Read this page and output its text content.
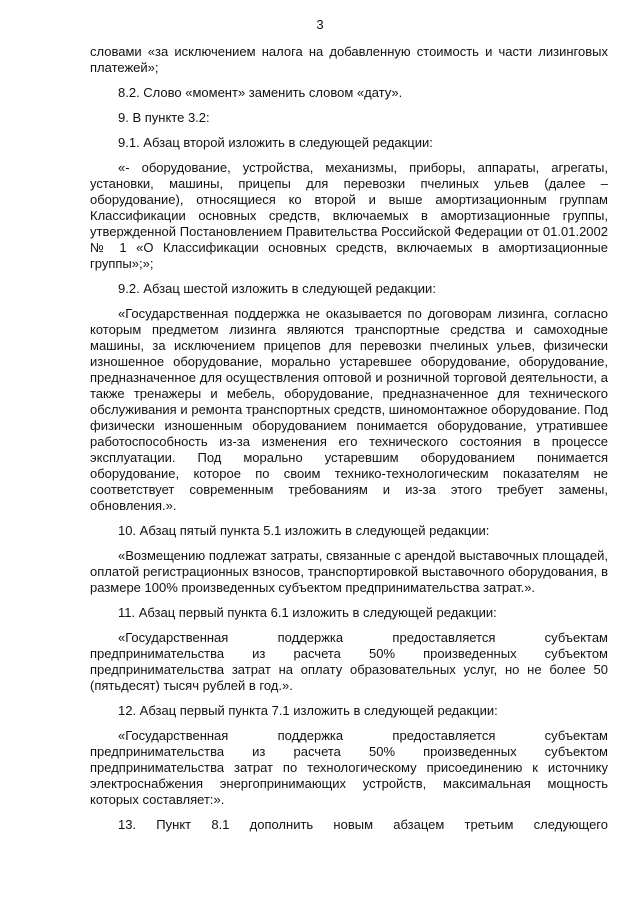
3

словами «за исключением налога на добавленную стоимость и части лизинговых платежей»;

8.2. Слово «момент» заменить словом «дату».

9. В пункте 3.2:

9.1. Абзац второй изложить в следующей редакции:

«- оборудование, устройства, механизмы, приборы, аппараты, агрегаты, установки, машины, прицепы для перевозки пчелиных ульев (далее – оборудование), относящиеся ко второй и выше амортизационным группам Классификации основных средств, включаемых в амортизационные группы, утвержденной Постановлением Правительства Российской Федерации от 01.01.2002 № 1 «О Классификации основных средств, включаемых в амортизационные группы»;»;

9.2. Абзац шестой изложить в следующей редакции:

«Государственная поддержка не оказывается по договорам лизинга, согласно которым предметом лизинга являются транспортные средства и самоходные машины, за исключением прицепов для перевозки пчелиных ульев, физически изношенное оборудование, морально устаревшее оборудование, оборудование, предназначенное для осуществления оптовой и розничной торговой деятельности, а также тренажеры и мебель, оборудование, предназначенное для технического обслуживания и ремонта транспортных средств, шиномонтажное оборудование. Под физически изношенным оборудованием понимается оборудование, утратившее работоспособность из-за изменения его технического состояния в процессе эксплуатации. Под морально устаревшим оборудованием понимается оборудование, которое по своим технико-технологическим показателям не соответствует современным требованиям и из-за этого требует замены, обновления.».

10. Абзац пятый пункта 5.1 изложить в следующей редакции:

«Возмещению подлежат затраты, связанные с арендой выставочных площадей, оплатой регистрационных взносов, транспортировкой выставочного оборудования, в размере 100% произведенных субъектом предпринимательства затрат.».

11. Абзац первый пункта 6.1 изложить в следующей редакции:

«Государственная поддержка предоставляется субъектам предпринимательства из расчета 50% произведенных субъектом предпринимательства затрат на оплату образовательных услуг, но не более 50 (пятьдесят) тысяч рублей в год.».

12. Абзац первый пункта 7.1 изложить в следующей редакции:

«Государственная поддержка предоставляется субъектам предпринимательства из расчета 50% произведенных субъектом предпринимательства затрат по технологическому присоединению к источнику электроснабжения энергопринимающих устройств, максимальная мощность которых составляет:».

13. Пункт 8.1 дополнить новым абзацем третьим следующего
